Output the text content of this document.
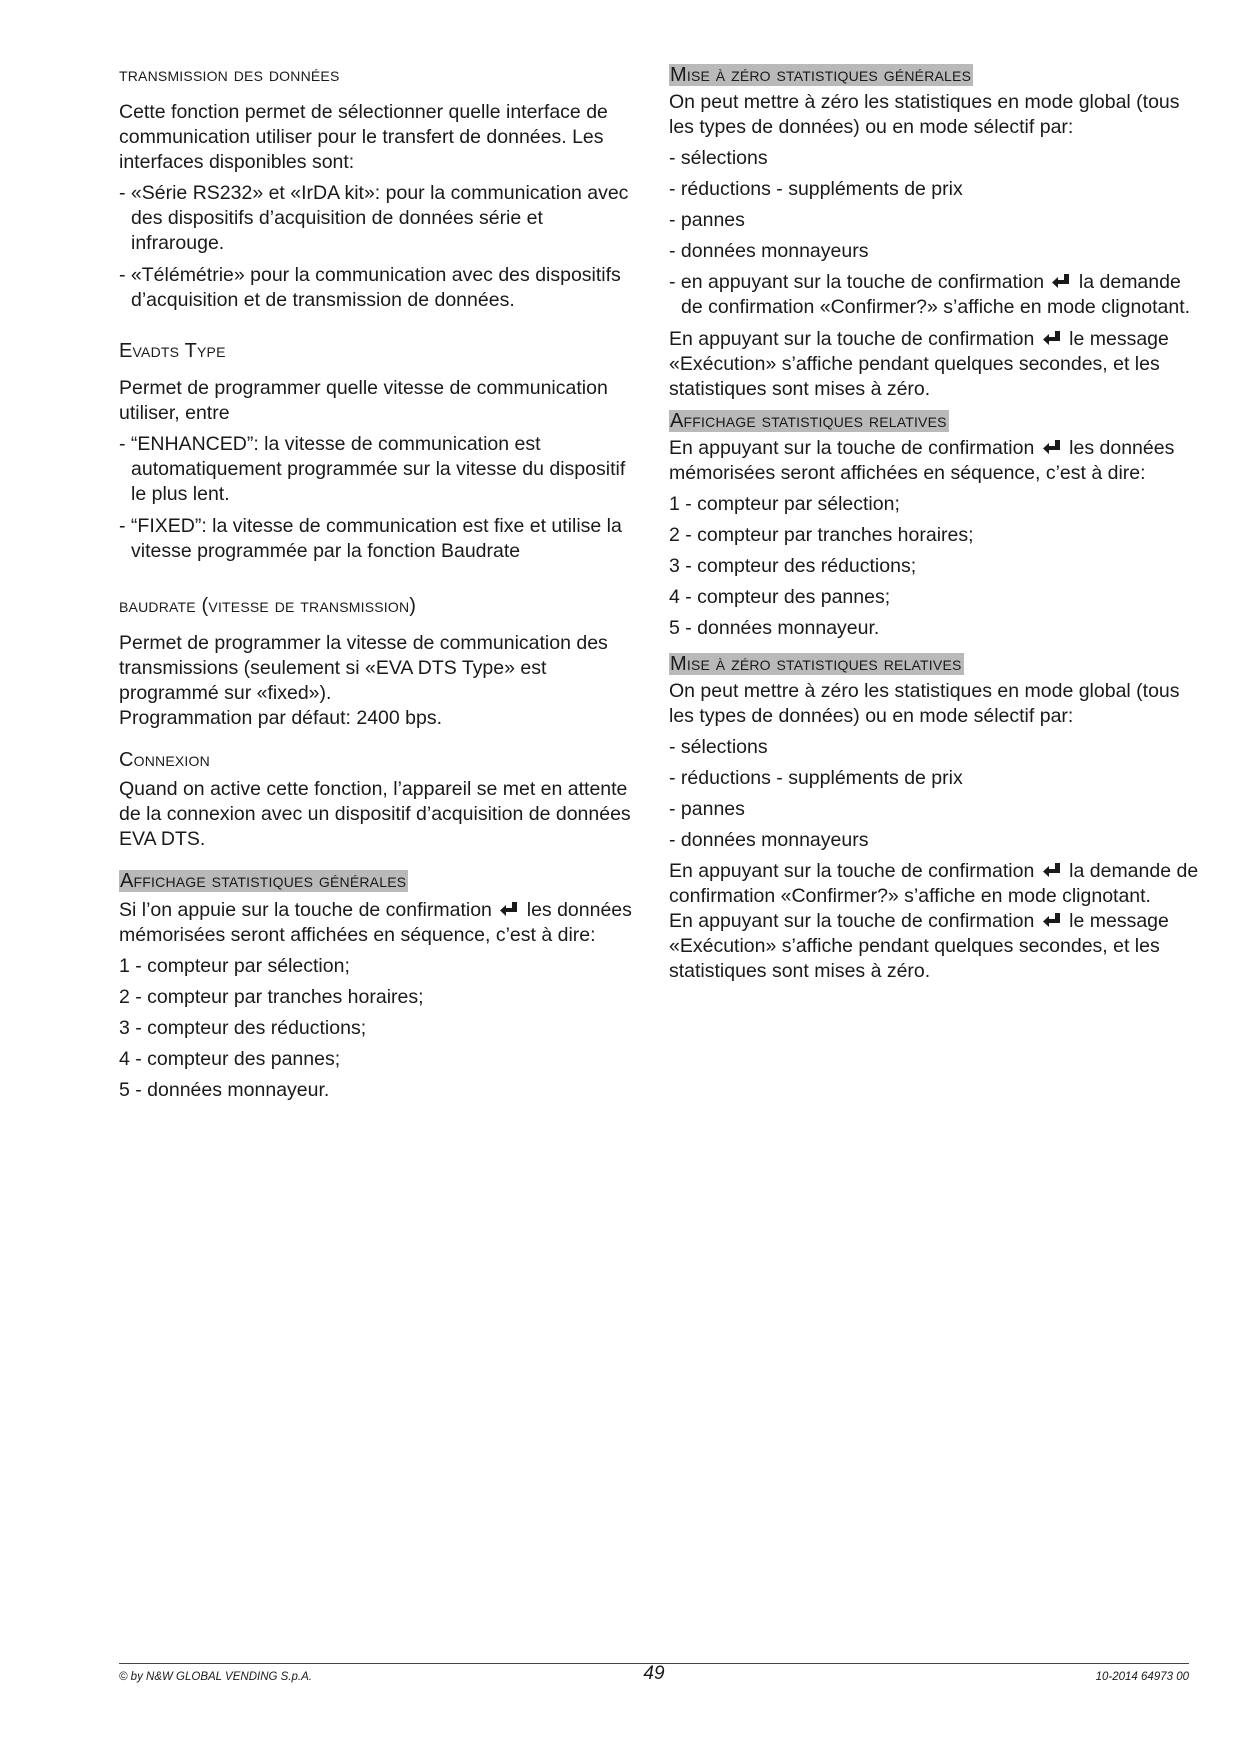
transmission des données

Cette fonction permet de sélectionner quelle interface de communication utiliser pour le transfert de données. Les interfaces disponibles sont:

- «Série RS232» et «IrDA kit»: pour la communication avec des dispositifs d’acquisition de données série et infrarouge.

- «Télémétrie» pour la communication avec des dispositifs d’acquisition et de transmission de données.

Evadts Type

Permet de programmer quelle vitesse de communication utiliser, entre

- “ENHANCED”: la vitesse de communication est automatiquement programmée sur la vitesse du dispositif le plus lent.

- “FIXED”: la vitesse de communication est fixe et utilise la vitesse programmée par la fonction Baudrate

baudrate (vitesse de transmission)

Permet de programmer la vitesse de communication des transmissions (seulement si «EVA DTS Type» est programmé sur «fixed»).

Programmation par défaut: 2400 bps.

Connexion

Quand on active cette fonction, l’appareil se met en attente de la connexion avec un dispositif d’acquisition de données EVA DTS.

Affichage statistiques générales

Si l’on appuie sur la touche de confirmation les données mémorisées seront affichées en séquence, c’est à dire:

1 - compteur par sélection;
2 - compteur par tranches horaires;
3 - compteur des réductions;
4 - compteur des pannes;
5 - données monnayeur.
Mise à zéro statistiques générales

On peut mettre à zéro les statistiques en mode global (tous les types de données) ou en mode sélectif par:

- sélections
- réductions - suppléments de prix
- pannes
- données monnayeurs

- en appuyant sur la touche de confirmation la demande de confirmation «Confirmer?» s’affiche en mode clignotant.

En appuyant sur la touche de confirmation le message «Exécution» s’affiche pendant quelques secondes, et les statistiques sont mises à zéro.

Affichage statistiques relatives

En appuyant sur la touche de confirmation les données mémorisées seront affichées en séquence, c’est à dire:

1 - compteur par sélection;
2 - compteur par tranches horaires;
3 - compteur des réductions;
4 - compteur des pannes;
5 - données monnayeur.
Mise à zéro statistiques relatives

On peut mettre à zéro les statistiques en mode global (tous les types de données) ou en mode sélectif par:

- sélections
- réductions - suppléments de prix
- pannes
- données monnayeurs

En appuyant sur la touche de confirmation la demande de confirmation «Confirmer?» s’affiche en mode clignotant.

En appuyant sur la touche de confirmation le message «Exécution» s’affiche pendant quelques secondes, et les statistiques sont mises à zéro.

© by N&W GLOBAL VENDING S.p.A.	49	10-2014 64973 00
